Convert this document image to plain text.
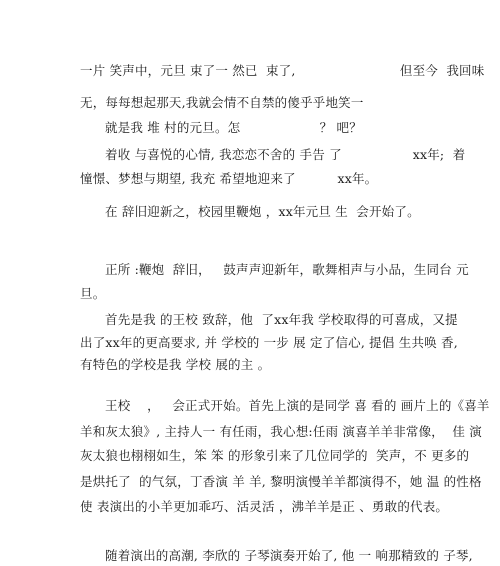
一片 笑声中，元旦 束了一 然已  束了,                         但至今  我回味
无，每每想起那天,我就会情不自禁的傻乎乎地笑一
就是我 堆 村的元旦。怎                   ？ 吧？
着收 与喜悦的心情, 我恋恋不舍的 手告 了                 xx年;  着
憧憬、梦想与期望, 我充 希望地迎来了          xx年。
在 辞旧迎新之，校园里鞭炮 ，xx年元旦 生  会开始了。
正所 :鞭炮  辞旧，   鼓声声迎新年，歌舞相声与小品，生同台 元
旦。
首先是我 的王校 致辞，他  了xx年我 学校取得的可喜成，又提
出了xx年的更高要求, 并 学校的 一步 展 定了信心, 提倡 生共唤 香,
有特色的学校是我 学校 展的主 。
王校    ，   会正式开始。首先上演的是同学 喜 看的 画片上的《喜羊
羊和灰太狼》, 主持人一 有任雨，我心想:任雨 演喜羊羊非常像，  佳 演
灰太狼也栩栩如生，笨 笨 的形象引来了几位同学的  笑声，不 更多的
是烘托了  的气氛，丁香演 羊 羊, 黎明演慢羊羊都演得不，她 温 的性格
使 表演出的小羊更加乖巧、活灵活 ，沸羊羊是正 、勇敢的代表。
随着演出的高潮, 李欣的 子琴演奏开始了, 他 一 响那精致的 子琴,
